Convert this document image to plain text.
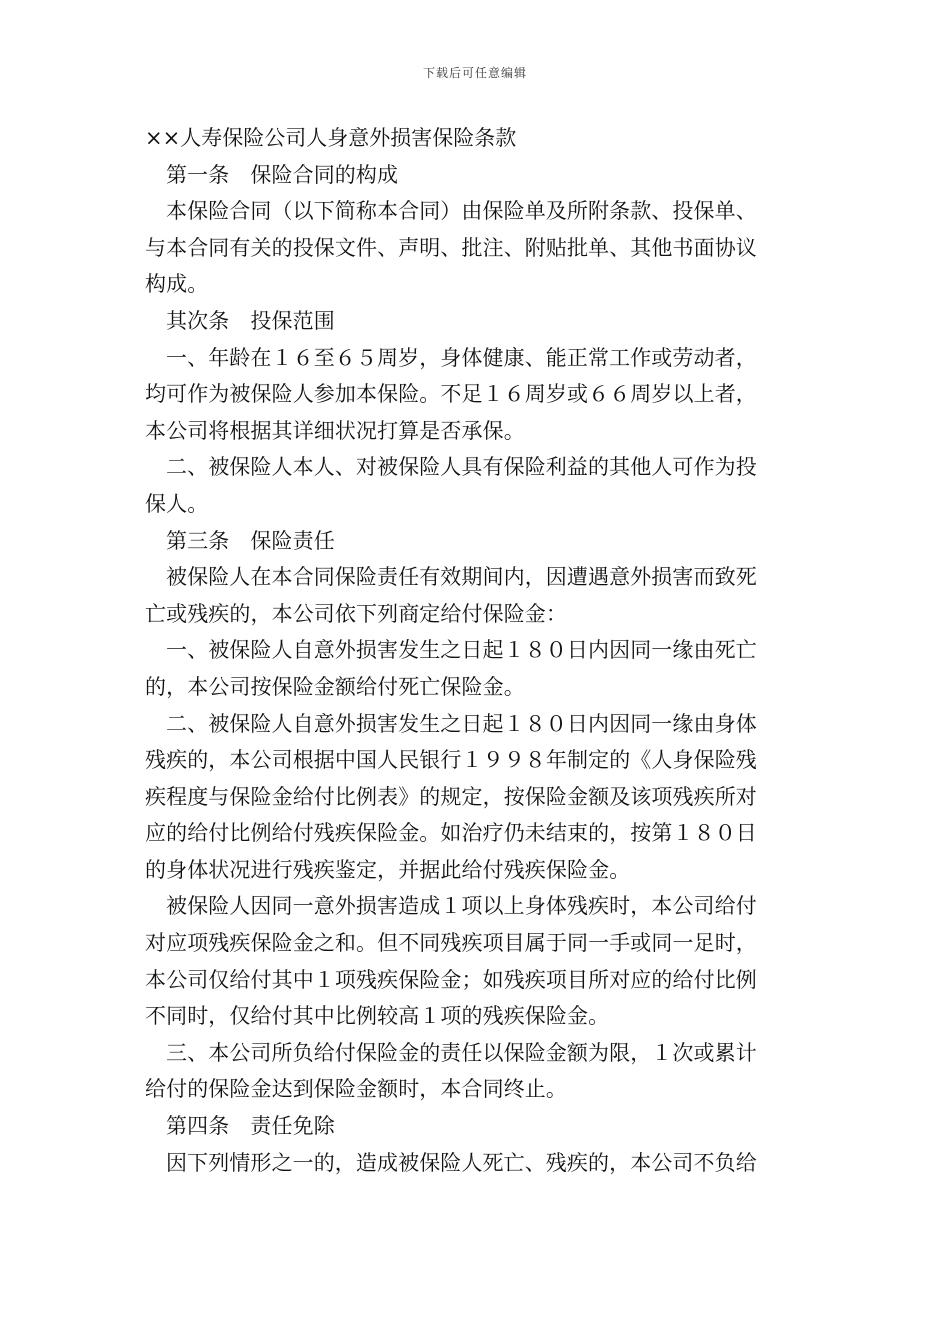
下载后可任意编辑
××人寿保险公司人身意外损害保险条款
第一条　保险合同的构成
本保险合同（以下简称本合同）由保险单及所附条款、投保单、
与本合同有关的投保文件、声明、批注、附贴批单、其他书面协议
构成。
其次条　投保范围
一、年龄在１６至６５周岁，身体健康、能正常工作或劳动者，
均可作为被保险人参加本保险。不足１６周岁或６６周岁以上者，
本公司将根据其详细状况打算是否承保。
二、被保险人本人、对被保险人具有保险利益的其他人可作为投
保人。
第三条　保险责任
被保险人在本合同保险责任有效期间内，因遭遇意外损害而致死
亡或残疾的，本公司依下列商定给付保险金：
一、被保险人自意外损害发生之日起１８０日内因同一缘由死亡
的，本公司按保险金额给付死亡保险金。
二、被保险人自意外损害发生之日起１８０日内因同一缘由身体
残疾的，本公司根据中国人民银行１９９８年制定的《人身保险残
疾程度与保险金给付比例表》的规定，按保险金额及该项残疾所对
应的给付比例给付残疾保险金。如治疗仍未结束的，按第１８０日
的身体状况进行残疾鉴定，并据此给付残疾保险金。
被保险人因同一意外损害造成１项以上身体残疾时，本公司给付
对应项残疾保险金之和。但不同残疾项目属于同一手或同一足时，
本公司仅给付其中１项残疾保险金；如残疾项目所对应的给付比例
不同时，仅给付其中比例较高１项的残疾保险金。
三、本公司所负给付保险金的责任以保险金额为限，１次或累计
给付的保险金达到保险金额时，本合同终止。
第四条　责任免除
因下列情形之一的，造成被保险人死亡、残疾的，本公司不负给
